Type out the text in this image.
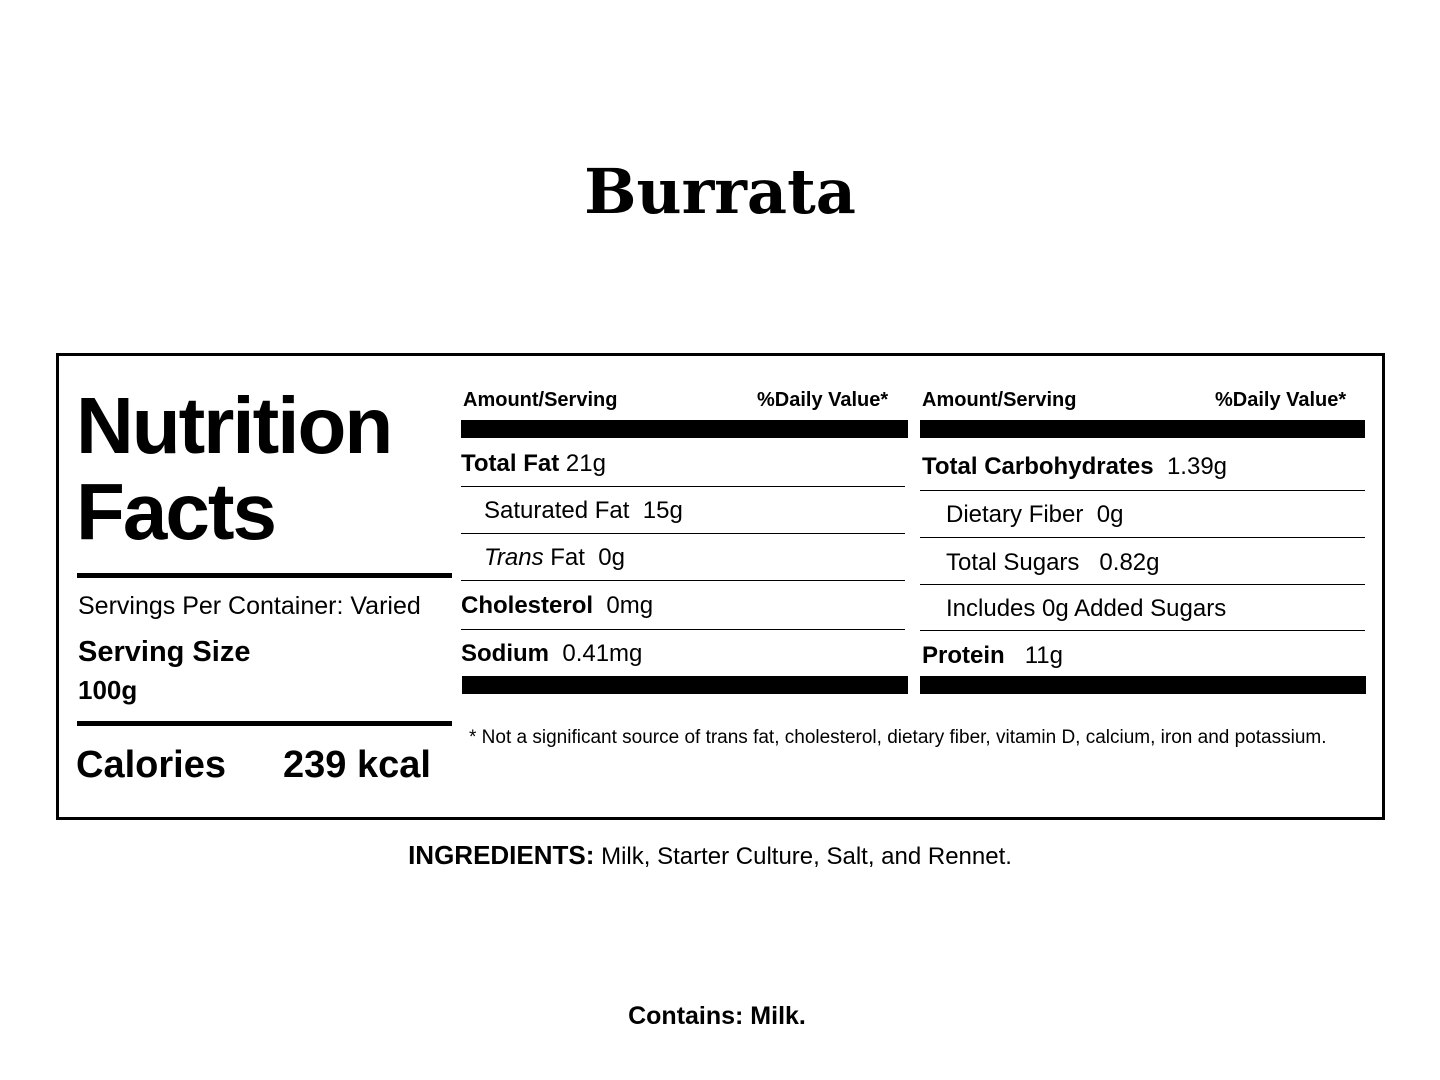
Burrata
Nutrition
Facts
Servings Per Container: Varied
Serving Size
100g
Calories 239 kcal
Amount/Serving	%Daily Value*
Total Fat 21g
Saturated Fat 15g
Trans Fat 0g
Cholesterol 0mg
Sodium 0.41mg
Amount/Serving	%Daily Value*
Total Carbohydrates 1.39g
Dietary Fiber 0g
Total Sugars 0.82g
Includes 0g Added Sugars
Protein 11g
* Not a significant source of trans fat, cholesterol, dietary fiber, vitamin D, calcium, iron and potassium.
INGREDIENTS: Milk, Starter Culture, Salt, and Rennet.
Contains: Milk.
